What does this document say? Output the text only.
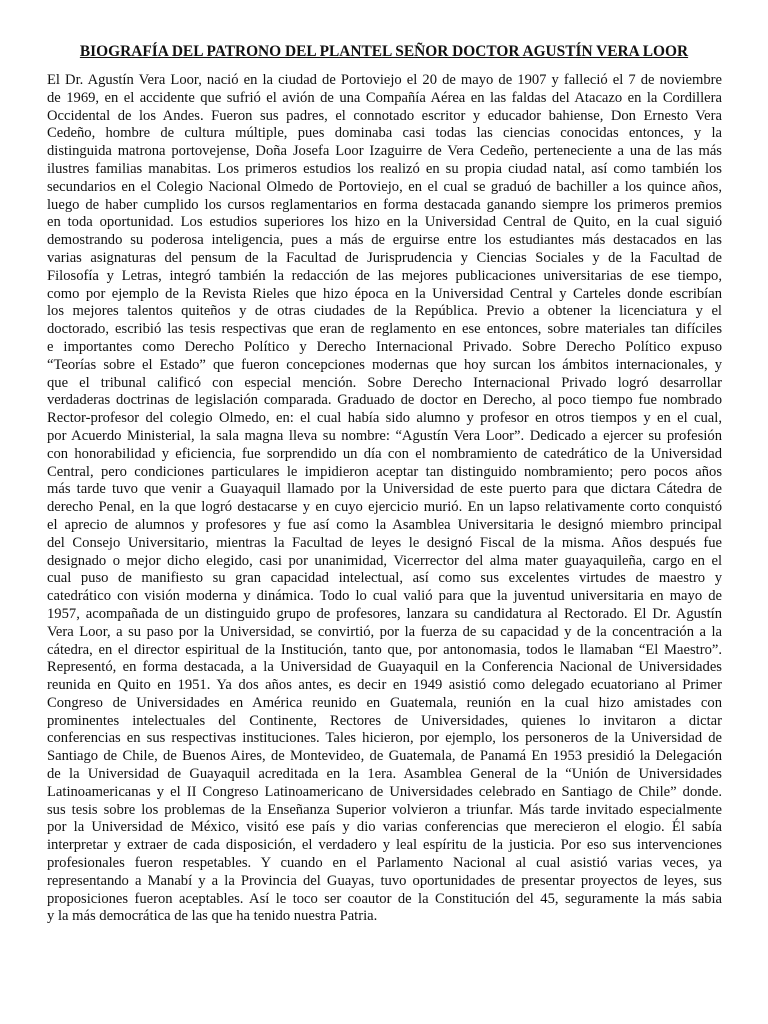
BIOGRAFÍA DEL PATRONO DEL PLANTEL SEÑOR DOCTOR AGUSTÍN VERA LOOR
El Dr. Agustín Vera Loor, nació en la ciudad de Portoviejo el 20 de mayo de 1907 y falleció el 7 de noviembre
de 1969, en el accidente que sufrió el avión de una Compañía Aérea en las faldas del Atacazo en la Cordillera
Occidental de los Andes. Fueron sus padres, el connotado escritor y educador bahiense, Don Ernesto Vera
Cedeño, hombre de cultura múltiple, pues dominaba casi todas las ciencias conocidas entonces, y la
distinguida matrona portovejense, Doña Josefa Loor Izaguirre de Vera Cedeño, perteneciente a una de las más
ilustres familias manabitas. Los primeros estudios los realizó en su propia ciudad natal, así como también los
secundarios en el Colegio Nacional Olmedo de Portoviejo, en el cual se graduó de bachiller a los quince años,
luego de haber cumplido los cursos reglamentarios en forma destacada ganando siempre los primeros premios
en toda oportunidad. Los estudios superiores los hizo en la Universidad Central de Quito, en la cual siguió
demostrando su poderosa inteligencia, pues a más de erguirse entre los estudiantes más destacados en las
varias asignaturas del pensum de la Facultad de Jurisprudencia y Ciencias Sociales y de la Facultad de
Filosofía y Letras, integró también la redacción de las mejores publicaciones universitarias de ese tiempo,
como por ejemplo de la Revista Rieles que hizo época en la Universidad Central y Carteles donde escribían
los mejores talentos quiteños y de otras ciudades de la República. Previo a obtener la licenciatura y el
doctorado, escribió las tesis respectivas que eran de reglamento en ese entonces, sobre materiales tan difíciles
e importantes como Derecho Político y Derecho Internacional Privado. Sobre Derecho Político expuso
“Teorías sobre el Estado” que fueron concepciones modernas que hoy surcan los ámbitos internacionales, y
que el tribunal calificó con especial mención. Sobre Derecho Internacional Privado logró desarrollar
verdaderas doctrinas de legislación comparada. Graduado de doctor en Derecho, al poco tiempo fue nombrado
Rector-profesor del colegio Olmedo, en: el cual había sido alumno y profesor en otros tiempos y en el cual,
por Acuerdo Ministerial, la sala magna lleva su nombre: “Agustín Vera Loor”. Dedicado a ejercer su profesión
con honorabilidad y eficiencia, fue sorprendido un día con el nombramiento de catedrático de la Universidad
Central, pero condiciones particulares le impidieron aceptar tan distinguido nombramiento; pero pocos años
más tarde tuvo que venir a Guayaquil llamado por la Universidad de este puerto para que dictara Cátedra de
derecho Penal, en la que logró destacarse y en cuyo ejercicio murió. En un lapso relativamente corto conquistó
el aprecio de alumnos y profesores y fue así como la Asamblea Universitaria le designó miembro principal
del Consejo Universitario, mientras la Facultad de leyes le designó Fiscal de la misma. Años después fue
designado o mejor dicho elegido, casi por unanimidad, Vicerrector del alma mater guayaquileña, cargo en el
cual puso de manifiesto su gran capacidad intelectual, así como sus excelentes virtudes de maestro y
catedrático con visión moderna y dinámica. Todo lo cual valió para que la juventud universitaria en mayo de
1957, acompañada de un distinguido grupo de profesores, lanzara su candidatura al Rectorado. El Dr. Agustín
Vera Loor, a su paso por la Universidad, se convirtió, por la fuerza de su capacidad y de la concentración a la
cátedra, en el director espiritual de la Institución, tanto que, por antonomasia, todos le llamaban “El Maestro”.
Representó, en forma destacada, a la Universidad de Guayaquil en la Conferencia Nacional de Universidades
reunida en Quito en 1951. Ya dos años antes, es decir en 1949 asistió como delegado ecuatoriano al Primer
Congreso de Universidades en América reunido en Guatemala, reunión en la cual hizo amistades con
prominentes intelectuales del Continente, Rectores de Universidades, quienes lo invitaron a dictar
conferencias en sus respectivas instituciones. Tales hicieron, por ejemplo, los personeros de la Universidad de
Santiago de Chile, de Buenos Aires, de Montevideo, de Guatemala, de Panamá En 1953 presidió la Delegación
de la Universidad de Guayaquil acreditada en la 1era. Asamblea General de la “Unión de Universidades
Latinoamericanas y el II Congreso Latinoamericano de Universidades celebrado en Santiago de Chile” donde.
sus tesis sobre los problemas de la Enseñanza Superior volvieron a triunfar. Más tarde invitado especialmente
por la Universidad de México, visitó ese país y dio varias conferencias que merecieron el elogio. Él sabía
interpretar y extraer de cada disposición, el verdadero y leal espíritu de la justicia. Por eso sus intervenciones
profesionales fueron respetables. Y cuando en el Parlamento Nacional al cual asistió varias veces, ya
representando a Manabí y a la Provincia del Guayas, tuvo oportunidades de presentar proyectos de leyes, sus
proposiciones fueron aceptables. Así le toco ser coautor de la Constitución del 45, seguramente la más sabia
y la más democrática de las que ha tenido nuestra Patria.
